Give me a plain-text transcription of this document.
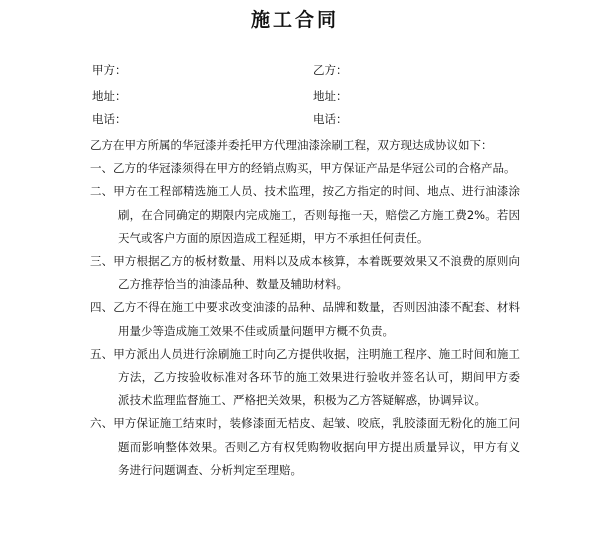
施工合同
甲方：	乙方：
地址：	地址：
电话：	电话：

乙方在甲方所属的华冠漆并委托甲方代理油漆涂刷工程，双方现达成协议如下：

一、乙方的华冠漆须得在甲方的经销点购买，甲方保证产品是华冠公司的合格产品。

二、甲方在工程部精选施工人员、技术监理，按乙方指定的时间、地点、进行油漆涂刷，在合同确定的期限内完成施工，否则每拖一天，赔偿乙方施工费2%。若因天气或客户方面的原因造成工程延期，甲方不承担任何责任。

三、甲方根据乙方的板材数量、用料以及成本核算，本着既要效果又不浪费的原则向乙方推荐恰当的油漆品种、数量及辅助材料。

四、乙方不得在施工中要求改变油漆的品种、品牌和数量，否则因油漆不配套、材料用量少等造成施工效果不佳或质量问题甲方概不负责。

五、甲方派出人员进行涂刷施工时向乙方提供收据，注明施工程序、施工时间和施工方法，乙方按验收标准对各环节的施工效果进行验收并签名认可，期间甲方委派技术监理监督施工、严格把关效果，积极为乙方答疑解惑，协调异议。

六、甲方保证施工结束时，装修漆面无桔皮、起皱、咬底，乳胶漆面无粉化的施工问题而影响整体效果。否则乙方有权凭购物收据向甲方提出质量异议，甲方有义务进行问题调查、分析判定至理赔。
